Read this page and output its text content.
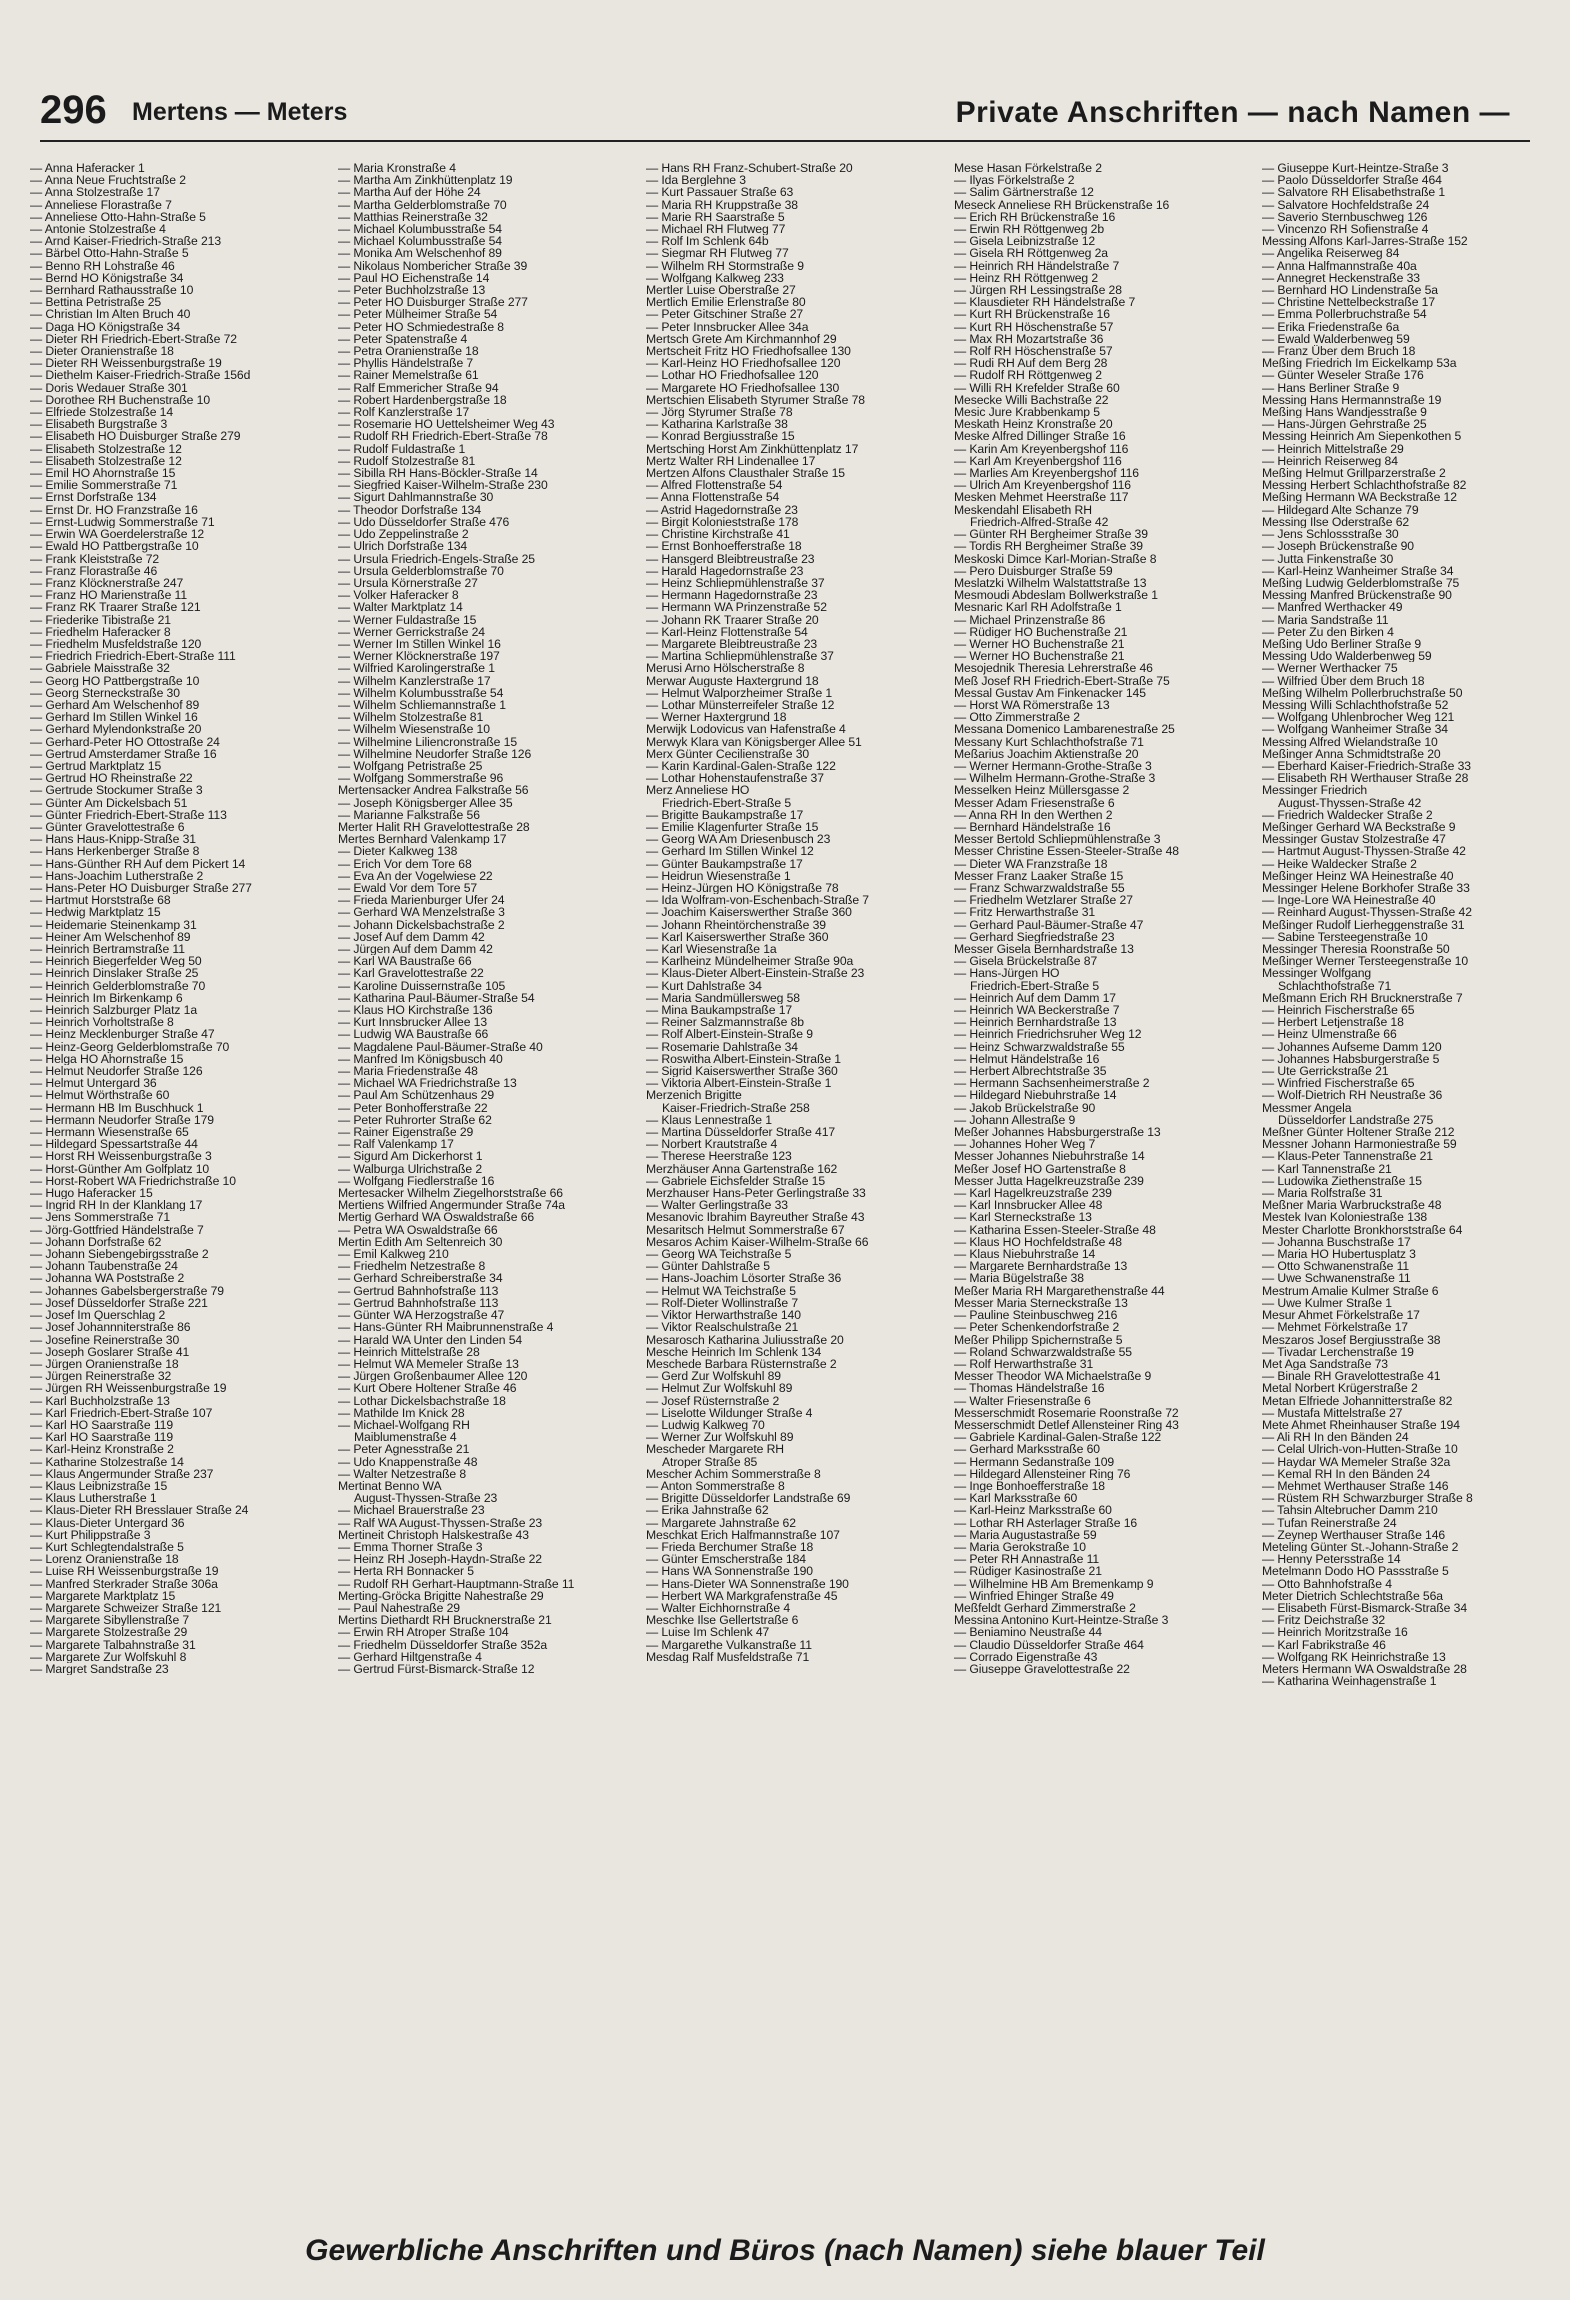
296 Mertens — Meters	Private Anschriften — nach Namen —
— Anna Haferacker 1
— Anna Neue Fruchtstraße 2
— Anna Stolzestraße 17
— Anneliese Florastraße 7
— Anneliese Otto-Hahn-Straße 5
— Antonie Stolzestraße 4
— Arnd Kaiser-Friedrich-Straße 213
— Bärbel Otto-Hahn-Straße 5
— Benno RH Lohstraße 46
— Bernd HO Königstraße 34
— Bernhard Rathausstraße 10
— Bettina Petristraße 25
— Christian Im Alten Bruch 40
— Dagа HO Königstraße 34
— Dieter RH Friedrich-Ebert-Straße 72
— Dieter Oranienstraße 18
— Dieter RH Weissenburgstraße 19
— Diethelm Kaiser-Friedrich-Straße 156d
— Doris Wedauer Straße 301
— Dorothee RH Buchenstraße 10
— Elfriede Stolzestraße 14
— Elisabeth Burgstraße 3
— Elisabeth HO Duisburger Straße 279
— Elisabeth Stolzestraße 12
— Elisabeth Stolzestraße 12
— Emil HO Ahornstraße 15
— Emilie Sommerstraße 71
— Ernst Dorfstraße 134
— Ernst Dr. HO Franzstraße 16
— Ernst-Ludwig Sommerstraße 71
— Erwin WA Goerdelerstraße 12
— Ewald HO Pattbergstraße 10
— Frank Kleiststraße 72
— Franz Florastraße 46
— Franz Klöcknerstraße 247
— Franz HO Marienstraße 11
— Franz RK Traarer Straße 121
— Friederike Tibistraße 21
— Friedhelm Haferacker 8
— Friedhelm Musfeldstraße 120
— Friedrich Friedrich-Ebert-Straße 111
— Gabriele Maisstraße 32
— Georg HO Pattbergstraße 10
— Georg Sterneckstraße 30
— Gerhard Am Welschenhof 89
— Gerhard Im Stillen Winkel 16
— Gerhard Mylendonkstraße 20
— Gerhard-Peter HO Ottostraße 24
— Gertrud Amsterdamer Straße 16
— Gertrud Marktplatz 15
— Gertrud HO Rheinstraße 22
— Gertrude Stockumer Straße 3
— Günter Am Dickelsbach 51
— Günter Friedrich-Ebert-Straße 113
— Günter Gravelottestraße 6
— Hans Haus-Knipp-Straße 31
— Hans Herkenberger Straße 8
— Hans-Günther RH Auf dem Pickert 14
— Hans-Joachim Lutherstraße 2
— Hans-Peter HO Duisburger Straße 277
— Hartmut Horststraße 68
— Hedwig Marktplatz 15
— Heidemarie Steinenkamp 31
— Heiner Am Welschenhof 89
— Heinrich Bertramstraße 11
— Heinrich Biegerfelder Weg 50
— Heinrich Dinslaker Straße 25
— Heinrich Gelderblomstraße 70
— Heinrich Im Birkenkamp 6
— Heinrich Salzburger Platz 1a
— Heinrich Vorholtstraße 8
— Heinz Mecklenburger Straße 47
— Heinz-Georg Gelderblomstraße 70
— Helga HO Ahornstraße 15
— Helmut Neudorfer Straße 126
— Helmut Untergard 36
— Helmut Wörthstraße 60
— Hermann HB Im Buschhuck 1
— Hermann Neudorfer Straße 179
— Hermann Wiesenstraße 65
— Hildegard Spessartstraße 44
— Horst RH Weissenburgstraße 3
— Horst-Günther Am Golfplatz 10
— Horst-Robert WA Friedrichstraße 10
— Hugo Haferacker 15
— Ingrid RH In der Klanklang 17
— Jens Sommerstraße 71
— Jörg-Gottfried Händelstraße 7
— Johann Dorfstraße 62
— Johann Siebengebirgsstraße 2
— Johann Taubenstraße 24
— Johanna WA Poststraße 2
— Johannes Gabelsbergerstraße 79
— Josef Düsseldorfer Straße 221
— Josef Im Querschlag 2
— Josef Johannniterstraße 86
— Josefine Reinerstraße 30
— Joseph Goslarer Straße 41
— Jürgen Oranienstraße 18
— Jürgen Reinerstraße 32
— Jürgen RH Weissenburgstraße 19
— Karl Buchholzstraße 13
— Karl Friedrich-Ebert-Straße 107
— Karl HO Saarstraße 119
— Karl HO Saarstraße 119
— Karl-Heinz Kronstraße 2
— Katharine Stolzestraße 14
— Klaus Angermunder Straße 237
— Klaus Leibnizstraße 15
— Klaus Lutherstraße 1
— Klaus-Dieter RH Bresslauer Straße 24
— Klaus-Dieter Untergard 36
— Kurt Philippstraße 3
— Kurt Schlegtendalstraße 5
— Lorenz Oranienstraße 18
— Luise RH Weissenburgstraße 19
— Manfred Sterkrader Straße 306a
— Margarete Marktplatz 15
— Margarete Schweizer Straße 121
— Margarete Sibyllenstraße 7
— Margarete Stolzestraße 29
— Margarete Talbahnstraße 31
— Margarete Zur Wolfskuhl 8
— Margret Sandstraße 23
— Maria Kronstraße 4
— Martha Am Zinkhüttenplatz 19
— Martha Auf der Höhe 24
— Martha Gelderblomstraße 70
— Matthias Reinerstraße 32
— Michael Kolumbusstraße 54
— Michael Kolumbusstraße 54
— Monika Am Welschenhof 89
— Nikolaus Nombericher Straße 39
— Paul HO Eichenstraße 14
— Peter Buchholzstraße 13
— Peter HO Duisburger Straße 277
— Peter Mülheimer Straße 54
— Peter HO Schmiedestraße 8
— Peter Spatenstraße 4
— Petra Oranienstraße 18
— Phyllis Händelstraße 7
— Rainer Memelstraße 61
— Ralf Emmericher Straße 94
— Robert Hardenbergstraße 18
— Rolf Kanzlerstraße 17
— Rosemarie HO Uettelsheimer Weg 43
— Rudolf RH Friedrich-Ebert-Straße 78
— Rudolf Fuldastraße 1
— Rudolf Stolzestraße 81
— Sibilla RH Hans-Böckler-Straße 14
— Siegfried Kaiser-Wilhelm-Straße 230
— Sigurt Dahlmannstraße 30
— Theodor Dorfstraße 134
— Udo Düsseldorfer Straße 476
— Udo Zeppelinstraße 2
— Ulrich Dorfstraße 134
— Ursula Friedrich-Engels-Straße 25
— Ursula Gelderblomstraße 70
— Ursula Körnerstraße 27
— Volker Haferacker 8
— Walter Marktplatz 14
— Werner Fuldastraße 15
— Werner Gerrickstraße 24
— Werner Im Stillen Winkel 16
— Werner Klöcknerstraße 197
— Wilfried Karolingerstraße 1
— Wilhelm Kanzlerstraße 17
— Wilhelm Kolumbusstraße 54
— Wilhelm Schliemannstraße 1
— Wilhelm Stolzestraße 81
— Wilhelm Wiesenstraße 10
— Wilhelmine Liliencronstraße 15
— Wilhelmine Neudorfer Straße 126
— Wolfgang Petristraße 25
— Wolfgang Sommerstraße 96
Mertensacker Andrea Falkstraße 56
— Joseph Königsberger Allee 35
— Marianne Falkstraße 56
Merter Halit RH Gravelottestraße 28
Mertes Bernhard Valenkamp 17
— Dieter Kalkweg 138
— Erich Vor dem Tore 68
— Eva An der Vogelwiese 22
— Ewald Vor dem Tore 57
— Frieda Marienburger Ufer 24
— Gerhard WA Menzelstraße 3
— Johann Dickelsbachstraße 2
— Josef Auf dem Damm 42
— Jürgen Auf dem Damm 42
— Karl WA Baustraße 66
— Karl Gravelottestraße 22
— Karoline Duissernstraße 105
— Katharina Paul-Bäumer-Straße 54
— Klaus HO Kirchstraße 136
— Kurt Innsbrucker Allee 13
— Ludwig WA Baustraße 66
— Magdalene Paul-Bäumer-Straße 40
— Manfred Im Königsbusch 40
— Maria Friedenstraße 48
— Michael WA Friedrichstraße 13
— Paul Am Schützenhaus 29
— Peter Bonhofferstraße 22
— Peter Ruhrorter Straße 62
— Rainer Eigenstraße 29
— Ralf Valenkamp 17
— Sigurd Am Dickerhorst 1
— Walburga Ulrichstraße 2
— Wolfgang Fiedlerstraße 16
Mertesacker Wilhelm Ziegelhorststraße 66
Mertiens Wilfried Angermunder Straße 74a
Mertig Gerhard WA Oswaldstraße 66
— Petra WA Oswaldstraße 66
Mertin Edith Am Seltenreich 30
— Emil Kalkweg 210
— Friedhelm Netzestraße 8
— Gerhard Schreiberstraße 34
— Gertrud Bahnhofstraße 113
— Gertrud Bahnhofstraße 113
— Günter WA Herzogstraße 47
— Hans-Günter RH Maibrunnenstraße 4
— Harald WA Unter den Linden 54
— Heinrich Mittelstraße 28
— Helmut WA Memeler Straße 13
— Jürgen Großenbaumer Allee 120
— Kurt Obere Holtener Straße 46
— Lothar Dickelsbachstraße 18
— Mathilde Im Knick 28
— Michael-Wolfgang RH
Maiblumenstraße 4
— Peter Agnesstraße 21
— Udo Knappenstraße 48
— Walter Netzestraße 8
Mertinat Benno WA
August-Thyssen-Straße 23
— Michael Brauerstraße 23
— Ralf WA August-Thyssen-Straße 23
Mertineit Christoph Halskestraße 43
— Emma Thorner Straße 3
— Heinz RH Joseph-Haydn-Straße 22
— Herta RH Bonnacker 5
— Rudolf RH Gerhart-Hauptmann-Straße 11
Merting-Gröcka Brigitte Nahestraße 29
— Paul Nahestraße 29
Mertins Diethardt RH Brucknerstraße 21
— Erwin RH Atroper Straße 104
— Friedhelm Düsseldorfer Straße 352a
— Gerhard Hiltgenstraße 4
— Gertrud Fürst-Bismarck-Straße 12
— Hans RH Franz-Schubert-Straße 20
— Ida Berglehne 3
— Kurt Passauer Straße 63
— Maria RH Kruppstraße 38
— Marie RH Saarstraße 5
— Michael RH Flutweg 77
— Rolf Im Schlenk 64b
— Siegmar RH Flutweg 77
— Wilhelm RH Stormstraße 9
— Wolfgang Kalkweg 233
Mertler Luise Oberstraße 27
Mertlich Emilie Erlenstraße 80
— Peter Gitschiner Straße 27
— Peter Innsbrucker Allee 34a
Mertsch Grete Am Kirchmannhof 29
Mertscheit Fritz HO Friedhofsallee 130
— Karl-Heinz HO Friedhofsallee 120
— Lothar HO Friedhofsallee 120
— Margarete HO Friedhofsallee 130
Mertschien Elisabeth Styrumer Straße 78
— Jörg Styrumer Straße 78
— Katharina Karlstraße 38
— Konrad Bergiusstraße 15
Mertsching Horst Am Zinkhüttenplatz 17
Mertz Walter RH Lindenallee 17
Mertzen Alfons Clausthaler Straße 15
— Alfred Flottenstraße 54
— Anna Flottenstraße 54
— Astrid Hagedornstraße 23
— Birgit Kolonieststraße 178
— Christine Kirchstraße 41
— Ernst Bonhoefferstraße 18
— Hansgerd Bleibtreustraße 23
— Harald Hagedornstraße 23
— Heinz Schliepmühlenstraße 37
— Hermann Hagedornstraße 23
— Hermann WA Prinzenstraße 52
— Johann RK Traarer Straße 20
— Karl-Heinz Flottenstraße 54
— Margarete Bleibtreustraße 23
— Martina Schliepmühlenstraße 37
Merusi Arno Hölscherstraße 8
Merwar Auguste Haxtergrund 18
— Helmut Walporzheimer Straße 1
— Lothar Münsterreifeler Straße 12
— Werner Haxtergrund 18
Merwijk Lodovicus van Hafenstraße 4
Merwyk Klara van Königsberger Allee 51
Merx Günter Cecilienstraße 30
— Karin Kardinal-Galen-Straße 122
— Lothar Hohenstaufenstraße 37
Merz Anneliese HO
Friedrich-Ebert-Straße 5
— Brigitte Baukampstraße 17
— Emilie Klagenfurter Straße 15
— Georg WA Am Driesenbusch 23
— Gerhard Im Stillen Winkel 12
— Günter Baukampstraße 17
— Heidrun Wiesenstraße 1
— Heinz-Jürgen HO Königstraße 78
— Ida Wolfram-von-Eschenbach-Straße 7
— Joachim Kaiserswerther Straße 360
— Johann Rheintörchenstraße 39
— Karl Kaiserswerther Straße 360
— Karl Wiesenstraße 1a
— Karlheinz Mündelheimer Straße 90a
— Klaus-Dieter Albert-Einstein-Straße 23
— Kurt Dahlstraße 34
— Maria Sandmüllersweg 58
— Mina Baukampstraße 17
— Reiner Salzmannstraße 8b
— Rolf Albert-Einstein-Straße 9
— Rosemarie Dahlstraße 34
— Roswitha Albert-Einstein-Straße 1
— Sigrid Kaiserswerther Straße 360
— Viktoria Albert-Einstein-Straße 1
Merzenich Brigitte
Kaiser-Friedrich-Straße 258
— Klaus Lennestraße 1
— Martina Düsseldorfer Straße 417
— Norbert Krautstraße 4
— Therese Heerstraße 123
Merzhäuser Anna Gartenstraße 162
— Gabriele Eichsfelder Straße 15
Merzhauser Hans-Peter Gerlingstraße 33
— Walter Gerlingstraße 33
Mesanovic Ibrahim Bayreuther Straße 43
Mesaritsch Helmut Sommerstraße 67
Mesaros Achim Kaiser-Wilhelm-Straße 66
— Georg WA Teichstraße 5
— Günter Dahlstraße 5
— Hans-Joachim Lösorter Straße 36
— Helmut WA Teichstraße 5
— Rolf-Dieter Wollinstraße 7
— Viktor Herwarthstraße 140
— Viktor Realschulstraße 21
Mesarosch Katharina Juliusstraße 20
Mesche Heinrich Im Schlenk 134
Meschede Barbara Rüsternstraße 2
— Gerd Zur Wolfskuhl 89
— Helmut Zur Wolfskuhl 89
— Josef Rüsternstraße 2
— Liselotte Wildunger Straße 4
— Ludwig Kalkweg 70
— Werner Zur Wolfskuhl 89
Mescheder Margarete RH
Atroper Straße 85
Mescher Achim Sommerstraße 8
— Anton Sommerstraße 8
— Brigitte Düsseldorfer Landstraße 69
— Erika Jahnstraße 62
— Margarete Jahnstraße 62
Meschkat Erich Halfmannstraße 107
— Frieda Berchumer Straße 18
— Günter Emscherstraße 184
— Hans WA Sonnenstraße 190
— Hans-Dieter WA Sonnenstraße 190
— Herbert WA Markgrafenstraße 45
— Walter Eichhornstraße 4
Meschke Ilse Gellertstraße 6
— Luise Im Schlenk 47
— Margarethe Vulkanstraße 11
Mesdag Ralf Musfeldstraße 71
Mese Hasan Förkelstraße 2
— Ilyas Förkelstraße 2
— Salim Gärtnerstraße 12
Meseck Anneliese RH Brückenstraße 16
— Erich RH Brückenstraße 16
— Erwin RH Röttgenweg 2b
— Gisela Leibnizstraße 12
— Gisela RH Röttgenweg 2a
— Heinrich RH Händelstraße 7
— Heinz RH Röttgenweg 2
— Jürgen RH Lessingstraße 28
— Klausdieter RH Händelstraße 7
— Kurt RH Brückenstraße 16
— Kurt RH Höschenstraße 57
— Max RH Mozartstraße 36
— Rolf RH Höschenstraße 57
— Rudi RH Auf dem Berg 28
— Rudolf RH Röttgenweg 2
— Willi RH Krefelder Straße 60
Mesecke Willi Bachstraße 22
Mesic Jure Krabbenkamp 5
Meskath Heinz Kronstraße 20
Meske Alfred Dillinger Straße 16
— Karin Am Kreyenbergshof 116
— Karl Am Kreyenbergshof 116
— Marlies Am Kreyenbergshof 116
— Ulrich Am Kreyenbergshof 116
Mesken Mehmet Heerstraße 117
Meskendahl Elisabeth RH
Friedrich-Alfred-Straße 42
— Günter RH Bergheimer Straße 39
— Tordis RH Bergheimer Straße 39
Meskoski Dimce Karl-Morian-Straße 8
— Pero Duisburger Straße 59
Meslatzki Wilhelm Walstattstraße 13
Mesmoudi Abdeslam Bollwerkstraße 1
Mesnaric Karl RH Adolfstraße 1
— Michael Prinzenstraße 86
— Rüdiger HO Buchenstraße 21
— Werner HO Buchenstraße 21
— Werner HO Buchenstraße 21
Mesojednik Theresia Lehrerstraße 46
Meß Josef RH Friedrich-Ebert-Straße 75
Messal Gustav Am Finkenacker 145
— Horst WA Römerstraße 13
— Otto Zimmerstraße 2
Messana Domenico Lambarenestraße 25
Messany Kurt Schlachthofstraße 71
Meßarius Joachim Aktienstraße 20
— Werner Hermann-Grothe-Straße 3
— Wilhelm Hermann-Grothe-Straße 3
Messelken Heinz Müllersgasse 2
Messer Adam Friesenstraße 6
— Anna RH In den Werthen 2
— Bernhard Händelstraße 16
Messer Bertold Schliepmühlenstraße 3
Messer Christine Essen-Steeler-Straße 48
— Dieter WA Franzstraße 18
Messer Franz Laaker Straße 15
— Franz Schwarzwaldstraße 55
— Friedhelm Wetzlarer Straße 27
— Fritz Herwarthstraße 31
— Gerhard Paul-Bäumer-Straße 47
— Gerhard Siegfriedstraße 23
Messer Gisela Bernhardstraße 13
— Gisela Brückelstraße 87
— Hans-Jürgen HO
Friedrich-Ebert-Straße 5
— Heinrich Auf dem Damm 17
— Heinrich WA Beckerstraße 7
— Heinrich Bernhardstraße 13
— Heinrich Friedrichsruher Weg 12
— Heinz Schwarzwaldstraße 55
— Helmut Händelstraße 16
— Herbert Albrechtstraße 35
— Hermann Sachsenheimerstraße 2
— Hildegard Niebuhrstraße 14
— Jakob Brückelstraße 90
— Johann Allestraße 9
Meßer Johannes Habsburgerstraße 13
— Johannes Hoher Weg 7
Messer Johannes Niebuhrstraße 14
Meßer Josef HO Gartenstraße 8
Messer Jutta Hagelkreuzstraße 239
— Karl Hagelkreuzstraße 239
— Karl Innsbrucker Allee 48
— Karl Sterneckstraße 13
— Katharina Essen-Steeler-Straße 48
— Klaus HO Hochfeldstraße 48
— Klaus Niebuhrstraße 14
— Margarete Bernhardstraße 13
— Maria Bügelstraße 38
Meßer Maria RH Margarethenstraße 44
Messer Maria Sterneckstraße 13
— Pauline Steinbuschweg 216
— Peter Schenkendorfstraße 2
Meßer Philipp Spichernstraße 5
— Roland Schwarzwaldstraße 55
— Rolf Herwarthstraße 31
Messer Theodor WA Michaelstraße 9
— Thomas Händelstraße 16
— Walter Friesenstraße 6
Messerschmidt Rosemarie Roonstraße 72
Messerschmidt Detlef Allensteiner Ring 43
— Gabriele Kardinal-Galen-Straße 122
— Gerhard Marksstraße 60
— Hermann Sedanstraße 109
— Hildegard Allensteiner Ring 76
— Inge Bonhoefferstraße 18
— Karl Marksstraße 60
— Karl-Heinz Marksstraße 60
— Lothar RH Asterlager Straße 16
— Maria Augustastraße 59
— Maria Gerokstraße 10
— Peter RH Annastraße 11
— Rüdiger Kasinostraße 21
— Wilhelmine HB Am Bremenkamp 9
— Winfried Ehinger Straße 49
Meßfeldt Gerhard Zimmerstraße 2
Messina Antonino Kurt-Heintze-Straße 3
— Beniamino Neustraße 44
— Claudio Düsseldorfer Straße 464
— Corrado Eigenstraße 43
— Giuseppe Gravelottestraße 22
— Giuseppe Kurt-Heintze-Straße 3
— Paolo Düsseldorfer Straße 464
— Salvatore RH Elisabethstraße 1
— Salvatore Hochfeldstraße 24
— Saverio Sternbuschweg 126
— Vincenzo RH Sofienstraße 4
Messing Alfons Karl-Jarres-Straße 152
— Angelika Reiserweg 84
— Anna Halfmannstraße 40a
— Annegret Heckenstraße 33
— Bernhard HO Lindenstraße 5a
— Christine Nettelbeckstraße 17
— Emma Pollerbruchstraße 54
— Erika Friedenstraße 6a
— Ewald Walderbenweg 59
— Franz Über dem Bruch 18
Meßing Friedrich Im Eickelkamp 53a
— Günter Weseler Straße 176
— Hans Berliner Straße 9
Messing Hans Hermannstraße 19
Meßing Hans Wandjesstraße 9
— Hans-Jürgen Gehrstraße 25
Messing Heinrich Am Siepenkothen 5
— Heinrich Mittelstraße 29
— Heinrich Reiserweg 84
Meßing Helmut Grillparzerstraße 2
Messing Herbert Schlachthofstraße 82
Meßing Hermann WA Beckstraße 12
— Hildegard Alte Schanze 79
Messing Ilse Oderstraße 62
— Jens Schlossstraße 30
— Joseph Brückenstraße 90
— Jutta Finkenstraße 30
— Karl-Heinz Wanheimer Straße 34
Meßing Ludwig Gelderblomstraße 75
Messing Manfred Brückenstraße 90
— Manfred Werthacker 49
— Maria Sandstraße 11
— Peter Zu den Birken 4
Meßing Udo Berliner Straße 9
Messing Udo Walderbenweg 59
— Werner Werthacker 75
— Wilfried Über dem Bruch 18
Meßing Wilhelm Pollerbruchstraße 50
Messing Willi Schlachthofstraße 52
— Wolfgang Uhlenbrocher Weg 121
— Wolfgang Wanheimer Straße 34
Messing Alfred Wielandstraße 10
Meßinger Anna Schmidtstraße 20
— Eberhard Kaiser-Friedrich-Straße 33
— Elisabeth RH Werthauser Straße 28
Messinger Friedrich
August-Thyssen-Straße 42
— Friedrich Waldecker Straße 2
Meßinger Gerhard WA Beckstraße 9
Messinger Gustav Stolzestraße 47
— Hartmut August-Thyssen-Straße 42
— Heike Waldecker Straße 2
Meßinger Heinz WA Heinestraße 40
Messinger Helene Borkhofer Straße 33
— Inge-Lore WA Heinestraße 40
— Reinhard August-Thyssen-Straße 42
Meßinger Rudolf Lierheggenstraße 31
— Sabine Tersteegenstraße 10
Messinger Theresia Roonstraße 50
Meßinger Werner Tersteegenstraße 10
Messinger Wolfgang
Schlachthofstraße 71
Meßmann Erich RH Brucknerstraße 7
— Heinrich Fischerstraße 65
— Herbert Letjenstraße 18
— Heinz Ulmenstraße 66
— Johannes Aufseme Damm 120
— Johannes Habsburgerstraße 5
— Ute Gerrickstraße 21
— Winfried Fischerstraße 65
— Wolf-Dietrich RH Neustraße 36
Messmer Angela
Düsseldorfer Landstraße 275
Meßner Günter Holtener Straße 212
Messner Johann Harmoniestraße 59
— Klaus-Peter Tannenstraße 21
— Karl Tannenstraße 21
— Ludowika Ziethenstraße 15
— Maria Rolfstraße 31
Meßner Maria Warbruckstraße 48
Mestek Ivan Koloniestraße 138
Mester Charlotte Bronkhorststraße 64
— Johanna Buschstraße 17
— Maria HO Hubertusplatz 3
— Otto Schwanenstraße 11
— Uwe Schwanenstraße 11
Mestrum Amalie Kulmer Straße 6
— Uwe Kulmer Straße 1
Mesur Ahmet Förkelstraße 17
— Mehmet Förkelstraße 17
Meszaros Josef Bergiusstraße 38
— Tivadar Lerchenstraße 19
Met Aga Sandstraße 73
— Binale RH Gravelottestraße 41
Metal Norbert Krügerstraße 2
Metan Elfriede Johannitterstraße 82
— Mustafa Mittelstraße 27
Mete Ahmet Rheinhauser Straße 194
— Ali RH In den Bänden 24
— Celal Ulrich-von-Hutten-Straße 10
— Haydar WA Memeler Straße 32a
— Kemal RH In den Bänden 24
— Mehmet Werthauser Straße 146
— Rüstem RH Schwarzburger Straße 8
— Tahsin Altebrucher Damm 210
— Tufan Reinerstraße 24
— Zeynep Werthauser Straße 146
Meteling Günter St.-Johann-Straße 2
— Henny Petersstraße 14
Metelmann Dodo HO Passstraße 5
— Otto Bahnhofstraße 4
Meter Dietrich Schlechtstraße 56a
— Elisabeth Fürst-Bismarck-Straße 34
— Fritz Deichstraße 32
— Heinrich Moritzstraße 16
— Karl Fabrikstraße 46
— Wolfgang RK Heinrichstraße 13
Meters Hermann WA Oswaldstraße 28
— Katharina Weinhagenstraße 1
Gewerbliche Anschriften und Büros (nach Namen) siehe blauer Teil
